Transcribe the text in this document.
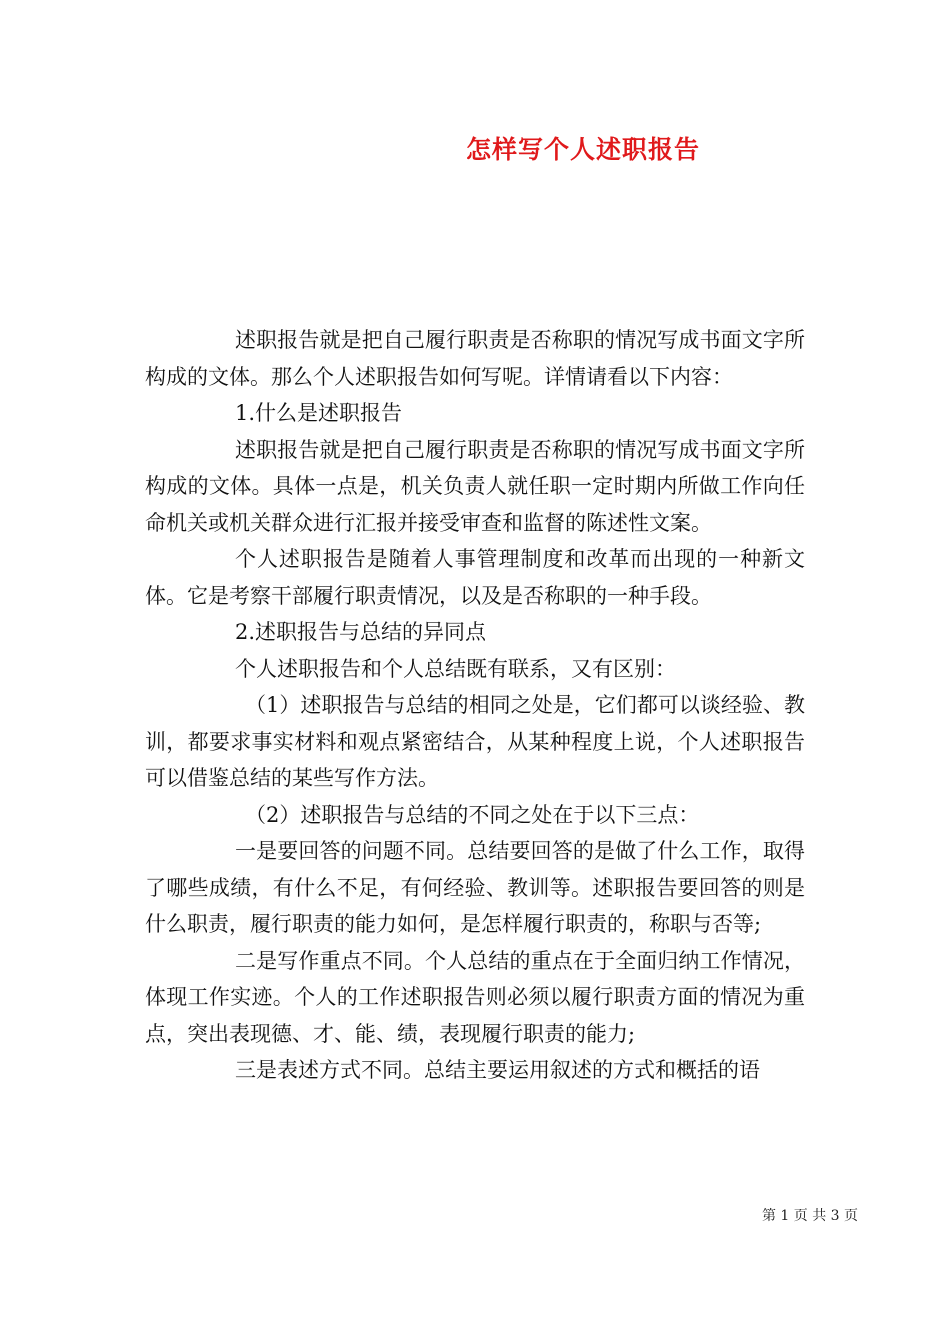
怎样写个人述职报告

述职报告就是把自己履行职责是否称职的情况写成书面文字所构成的文体。那么个人述职报告如何写呢。详情请看以下内容：

1.什么是述职报告

述职报告就是把自己履行职责是否称职的情况写成书面文字所构成的文体。具体一点是，机关负责人就任职一定时期内所做工作向任命机关或机关群众进行汇报并接受审查和监督的陈述性文案。

个人述职报告是随着人事管理制度和改革而出现的一种新文体。它是考察干部履行职责情况，以及是否称职的一种手段。

2.述职报告与总结的异同点

个人述职报告和个人总结既有联系，又有区别：

（1）述职报告与总结的相同之处是，它们都可以谈经验、教训，都要求事实材料和观点紧密结合，从某种程度上说，个人述职报告可以借鉴总结的某些写作方法。

（2）述职报告与总结的不同之处在于以下三点：

一是要回答的问题不同。总结要回答的是做了什么工作，取得了哪些成绩，有什么不足，有何经验、教训等。述职报告要回答的则是什么职责，履行职责的能力如何，是怎样履行职责的，称职与否等;

二是写作重点不同。个人总结的重点在于全面归纳工作情况，体现工作实迹。个人的工作述职报告则必须以履行职责方面的情况为重点，突出表现德、才、能、绩，表现履行职责的能力;

三是表述方式不同。总结主要运用叙述的方式和概括的语

第 1 页 共 3 页
